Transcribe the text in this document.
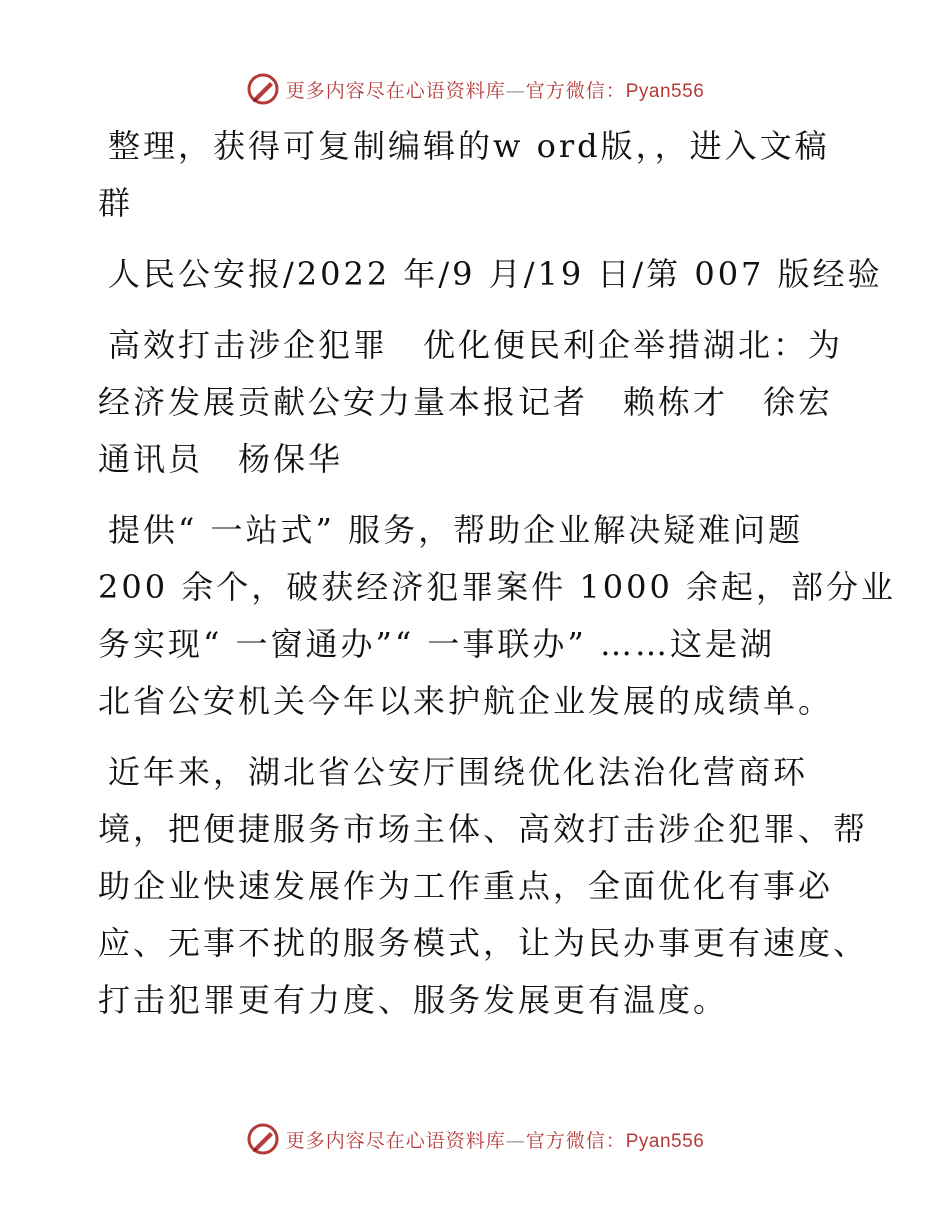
更多内容尽在心语资料库—官方微信：Pyan556

整理，获得可复制编辑的w ord版，，进入文稿
群

人民公安报/2022 年/9 月/19 日/第 007 版经验

高效打击涉企犯罪　优化便民利企举措湖北：为
经济发展贡献公安力量本报记者　赖栋才　徐宏
通讯员　杨保华

提供“ 一站式” 服务，帮助企业解决疑难问题
200 余个，破获经济犯罪案件 1000 余起，部分业
务实现“ 一窗通办”“ 一事联办” ……这是湖
北省公安机关今年以来护航企业发展的成绩单。

近年来，湖北省公安厅围绕优化法治化营商环
境，把便捷服务市场主体、高效打击涉企犯罪、帮
助企业快速发展作为工作重点，全面优化有事必
应、无事不扰的服务模式，让为民办事更有速度、
打击犯罪更有力度、服务发展更有温度。

更多内容尽在心语资料库—官方微信：Pyan556
